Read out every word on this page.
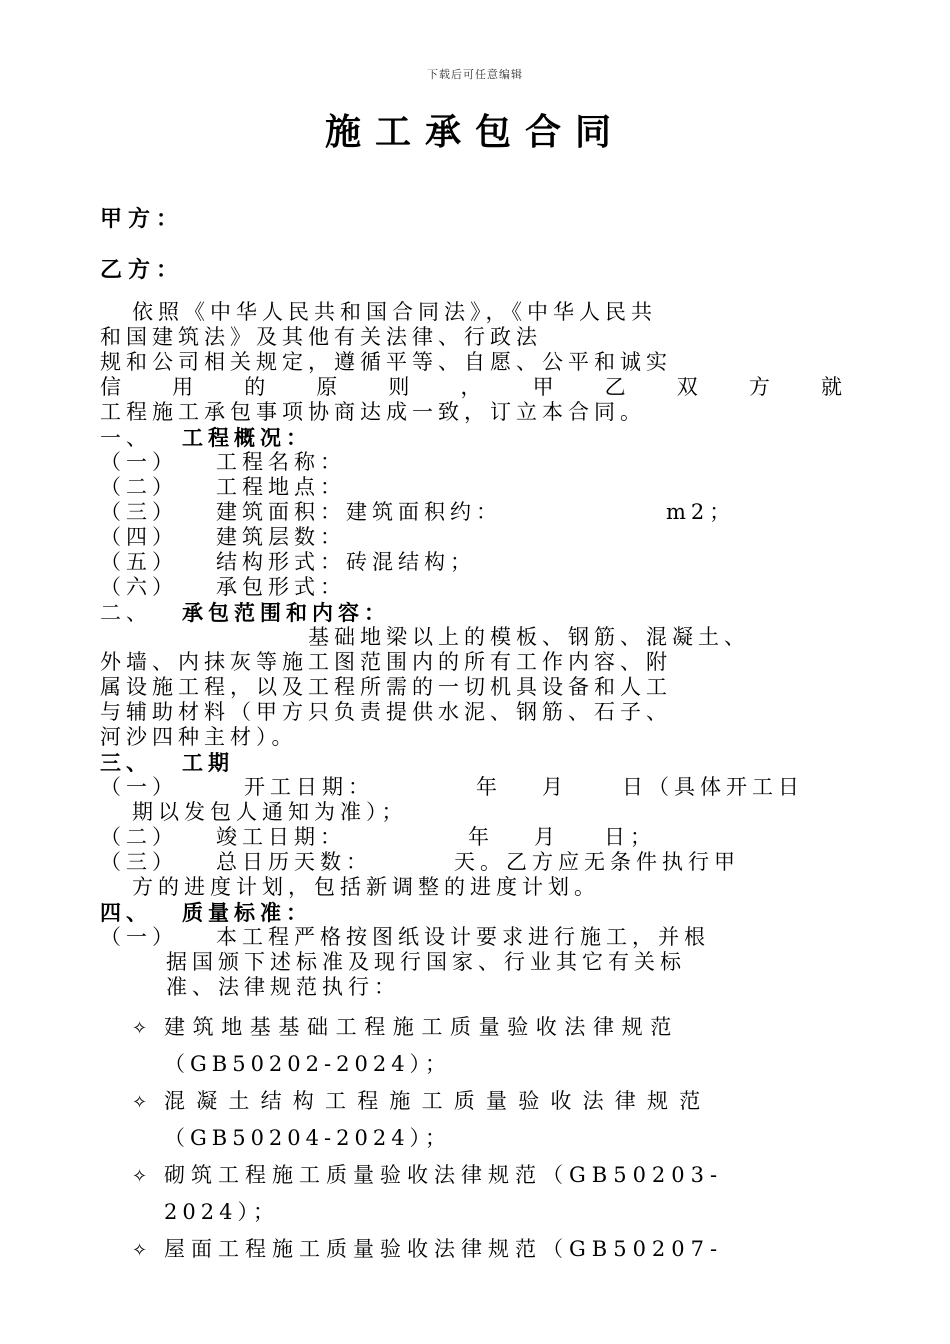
下载后可任意编辑
施工承包合同
甲方：
乙方：
依照《中华人民共和国合同法》，《中华人民共
和国建筑法》及其他有关法律、行政法
规和公司相关规定，遵循平等、自愿、公平和诚实
信 用 的 原 则 ， 甲 乙 双 方 就
工程施工承包事项协商达成一致，订立本合同。
一、 工程概况：
（一） 工程名称：
（二） 工程地点：
（三） 建筑面积：建筑面积约：	m2；
（四） 建筑层数：
（五） 结构形式：砖混结构；
（六） 承包形式：
二、 承包范围和内容：
基础地梁以上的模板、钢筋、混凝土、
外墙、内抹灰等施工图范围内的所有工作内容、附
属设施工程，以及工程所需的一切机具设备和人工
与辅助材料（甲方只负责提供水泥、钢筋、石子、
河沙四种主材）。
三、 工期
（一）	开工日期：	年 月	日（具体开工日
期以发包人通知为准）；
（二） 竣工日期：	年 月 日；
（三） 总日历天数：	天。乙方应无条件执行甲
方的进度计划，包括新调整的进度计划。
四、 质量标准：
（一） 本工程严格按图纸设计要求进行施工，并根
据国颁下述标准及现行国家、行业其它有关标
准、法律规范执行：
✧ 建筑地基基础工程施工质量验收法律规范
（GB50202-2024）；
✧ 混凝土结构工程施工质量验收法律规范
（GB50204-2024）；
✧ 砌筑工程施工质量验收法律规范（GB50203-
2024）；
✧ 屋面工程施工质量验收法律规范（GB50207-
